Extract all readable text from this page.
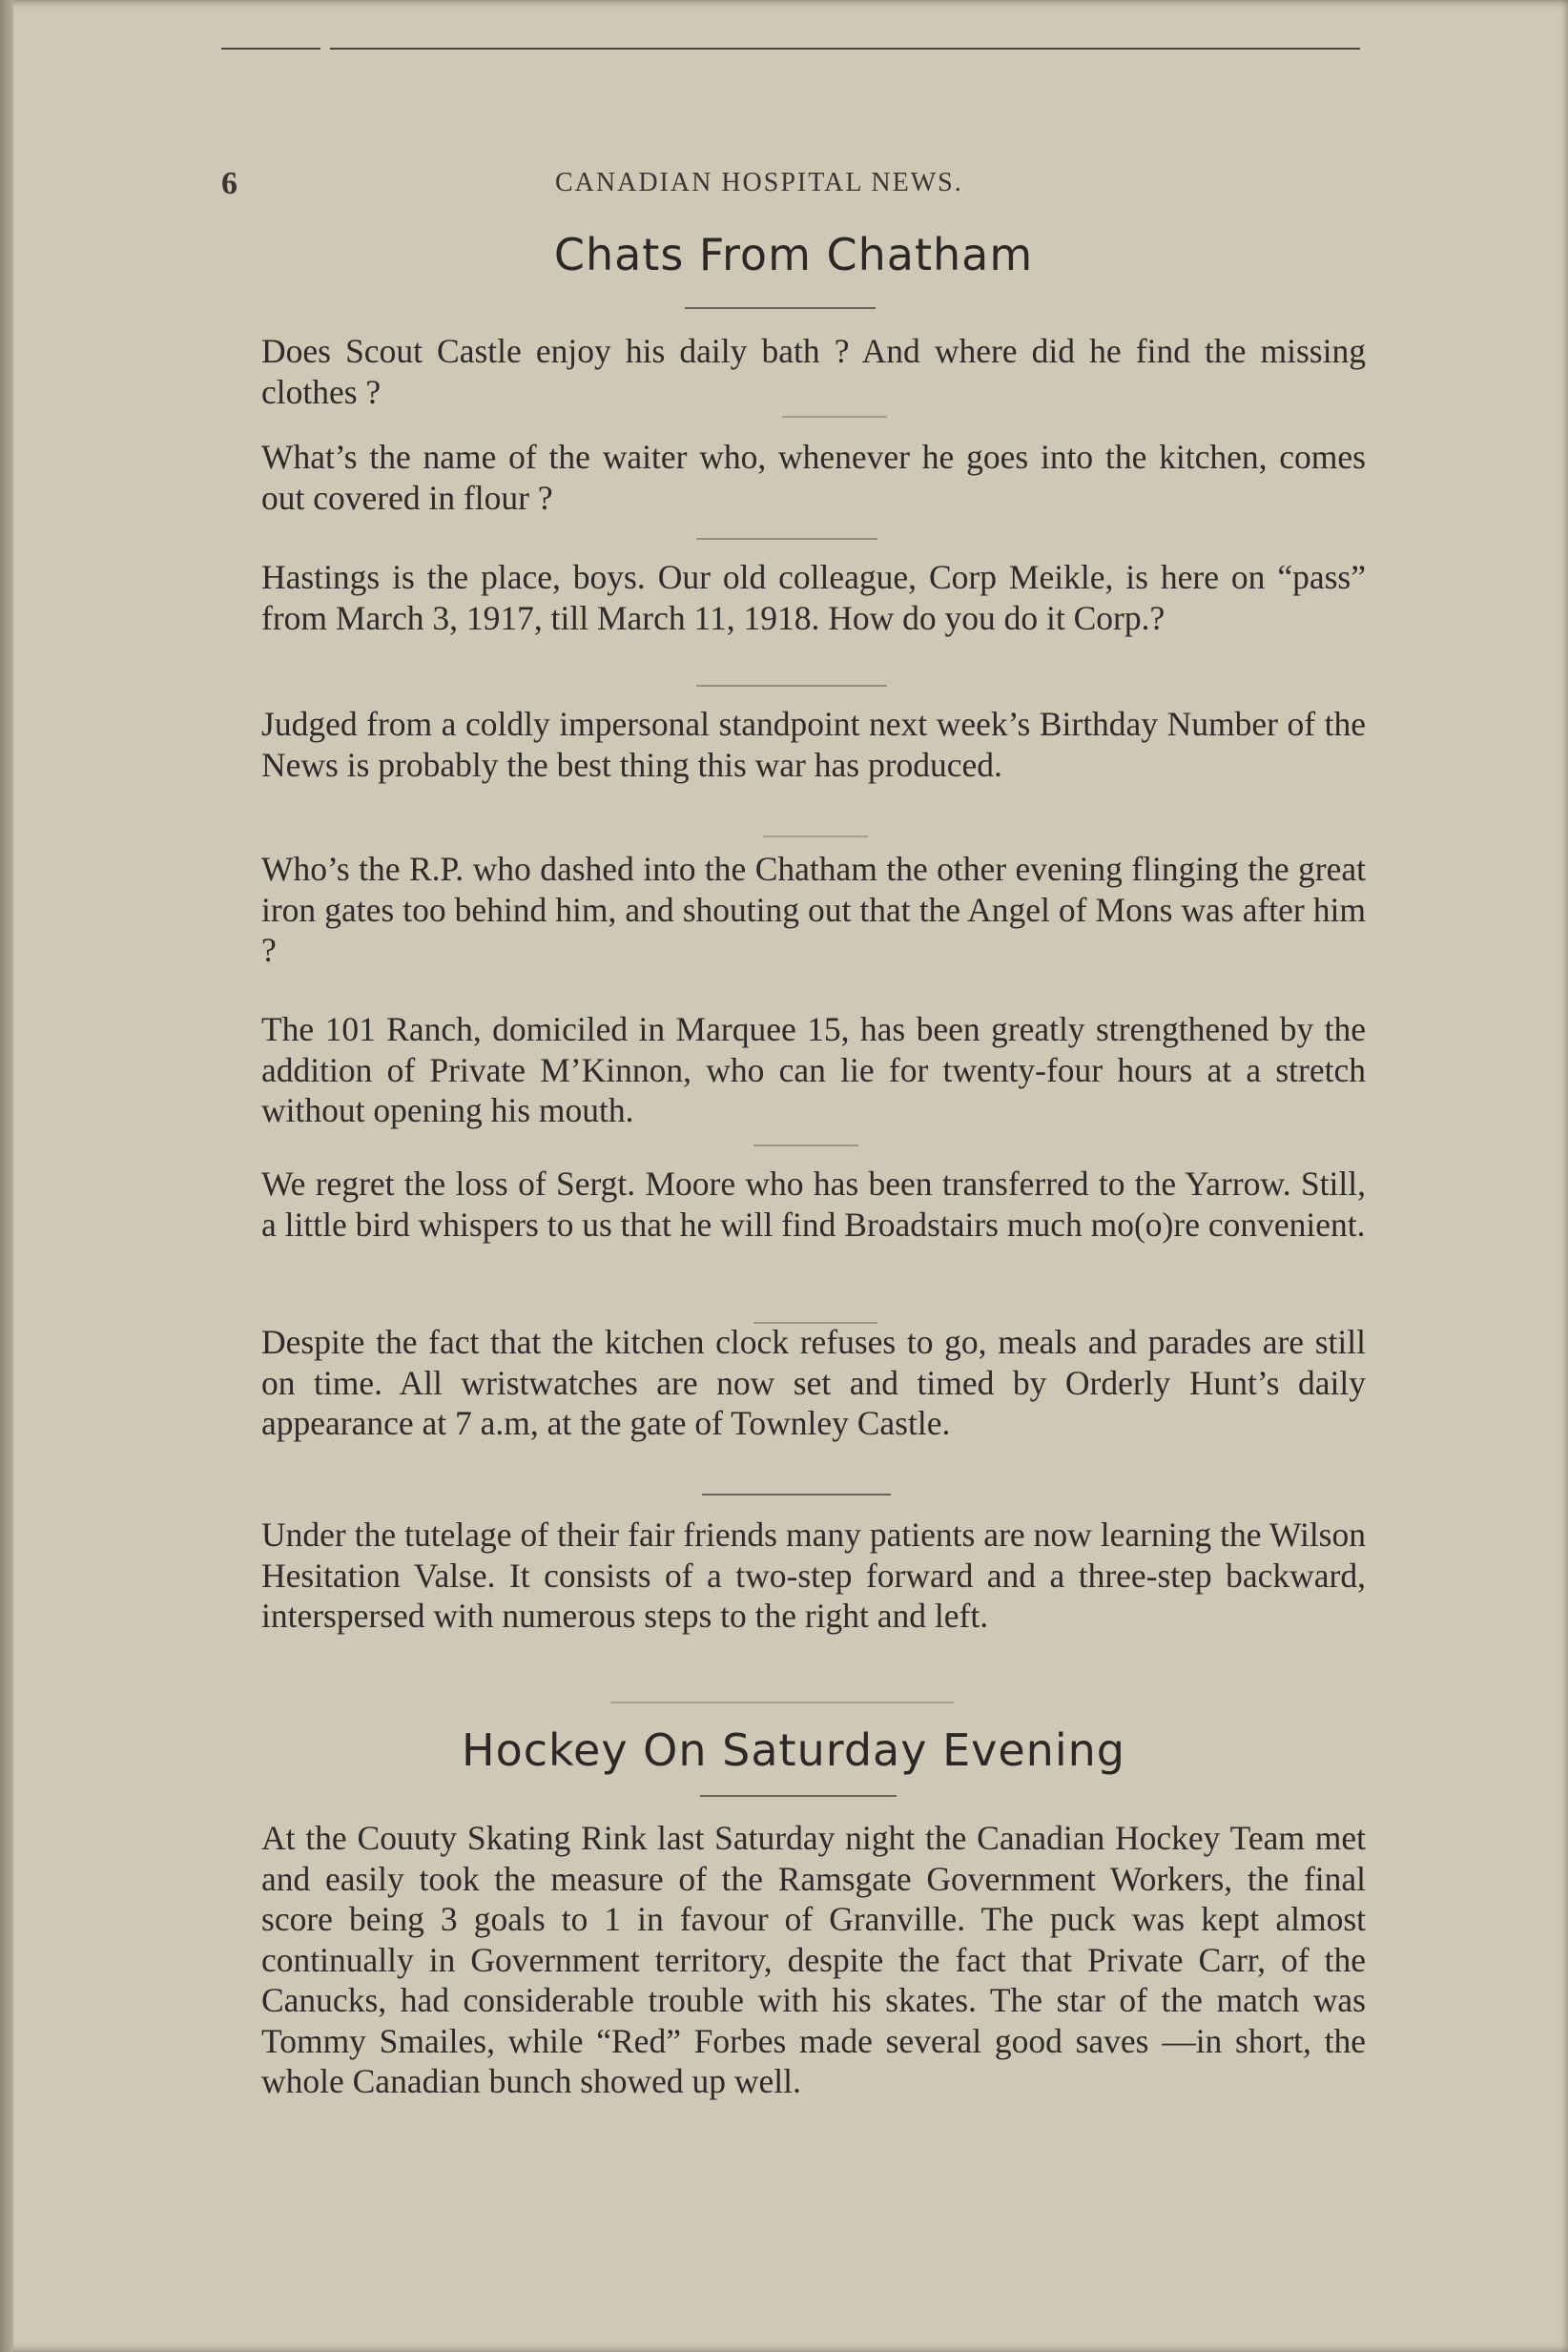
6	CANADIAN HOSPITAL NEWS.
Chats From Chatham
Does Scout Castle enjoy his daily bath ? And where did he find the missing clothes ?
What’s the name of the waiter who, whenever he goes into the kitchen, comes out covered in flour ?
Hastings is the place, boys. Our old colleague, Corp Meikle, is here on “pass” from March 3, 1917, till March 11, 1918. How do you do it Corp.?
Judged from a coldly impersonal standpoint next week’s Birthday Number of the News is probably the best thing this war has produced.
Who’s the R.P. who dashed into the Chatham the other evening flinging the great iron gates too behind him, and shouting out that the Angel of Mons was after him ?
The 101 Ranch, domiciled in Marquee 15, has been greatly strengthened by the addition of Private M’Kinnon, who can lie for twenty-four hours at a stretch without opening his mouth.
We regret the loss of Sergt. Moore who has been transferred to the Yarrow. Still, a little bird whispers to us that he will find Broadstairs much mo(o)re convenient.
Despite the fact that the kitchen clock refuses to go, meals and parades are still on time. All wristwatches are now set and timed by Orderly Hunt’s daily appearance at 7 a.m, at the gate of Townley Castle.
Under the tutelage of their fair friends many patients are now learning the Wilson Hesitation Valse. It consists of a two-step forward and a three-step backward, interspersed with numerous steps to the right and left.
Hockey On Saturday Evening
At the Couuty Skating Rink last Saturday night the Canadian Hockey Team met and easily took the measure of the Ramsgate Government Workers, the final score being 3 goals to 1 in favour of Granville. The puck was kept almost continually in Government territory, despite the fact that Private Carr, of the Canucks, had considerable trouble with his skates. The star of the match was Tommy Smailes, while “Red” Forbes made several good saves —in short, the whole Canadian bunch showed up well.
